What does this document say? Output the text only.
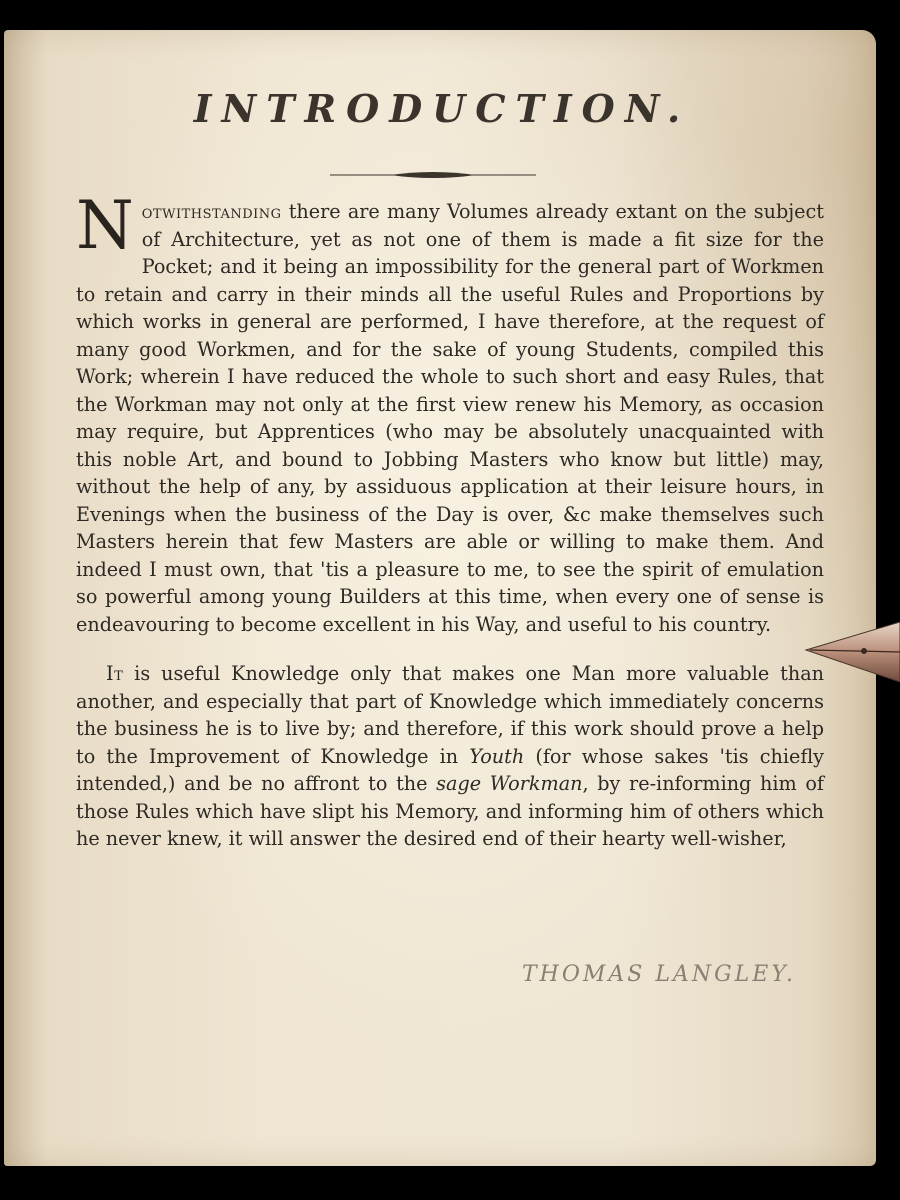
INTRODUCTION.

Notwithstanding there are many Volumes already extant on the subject of Architecture, yet as not one of them is made a fit size for the Pocket; and it being an impossibility for the general part of Workmen to retain and carry in their minds all the useful Rules and Proportions by which works in general are performed, I have therefore, at the request of many good Workmen, and for the sake of young Students, compiled this Work; wherein I have reduced the whole to such short and easy Rules, that the Workman may not only at the first view renew his Memory, as occasion may require, but Apprentices (who may be absolutely unacquainted with this noble Art, and bound to Jobbing Masters who know but little) may, without the help of any, by assiduous application at their leisure hours, in Evenings when the business of the Day is over, &c make themselves such Masters herein that few Masters are able or willing to make them. And indeed I must own, that 'tis a pleasure to me, to see the spirit of emulation so powerful among young Builders at this time, when every one of sense is endeavouring to become excellent in his Way, and useful to his country.

It is useful Knowledge only that makes one Man more valuable than another, and especially that part of Knowledge which immediately concerns the business he is to live by; and therefore, if this work should prove a help to the Improvement of Knowledge in Youth (for whose sakes 'tis chiefly intended,) and be no affront to the sage Workman, by re-informing him of those Rules which have slipt his Memory, and informing him of others which he never knew, it will answer the desired end of their hearty well-wisher,

THOMAS LANGLEY.
